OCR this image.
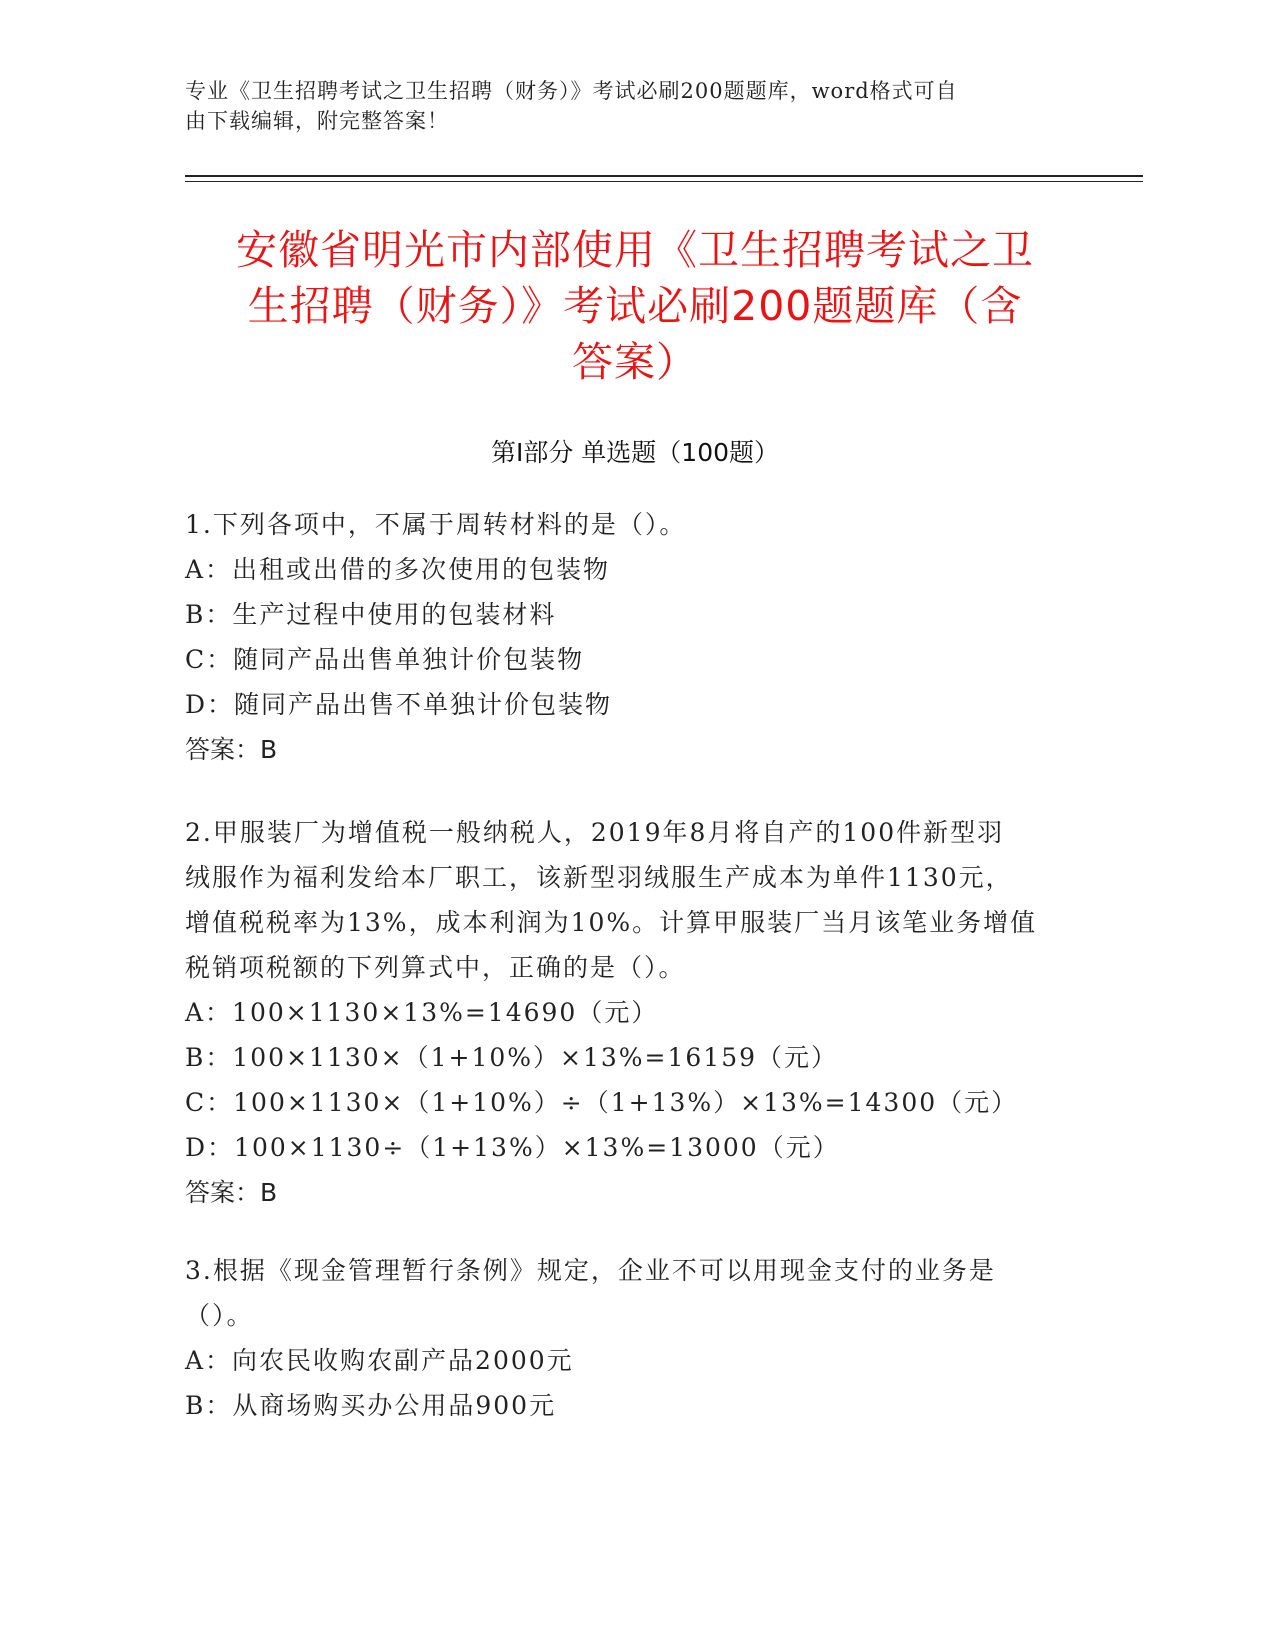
专业《卫生招聘考试之卫生招聘（财务）》考试必刷200题题库，word格式可自
由下载编辑，附完整答案！
安徽省明光市内部使用《卫生招聘考试之卫
生招聘（财务）》考试必刷200题题库（含
答案）
第Ⅰ部分 单选题（100题）
1.下列各项中，不属于周转材料的是（）。
A：出租或出借的多次使用的包装物
B：生产过程中使用的包装材料
C：随同产品出售单独计价包装物
D：随同产品出售不单独计价包装物
答案：B
2.甲服装厂为增值税一般纳税人，2019年8月将自产的100件新型羽
绒服作为福利发给本厂职工，该新型羽绒服生产成本为单件1130元，
增值税税率为13%，成本利润为10%。计算甲服装厂当月该笔业务增值
税销项税额的下列算式中，正确的是（）。
A：100×1130×13%=14690（元）
B：100×1130×（1+10%）×13%=16159（元）
C：100×1130×（1+10%）÷（1+13%）×13%=14300（元）
D：100×1130÷（1+13%）×13%=13000（元）
答案：B
3.根据《现金管理暂行条例》规定，企业不可以用现金支付的业务是
（）。
A：向农民收购农副产品2000元
B：从商场购买办公用品900元
